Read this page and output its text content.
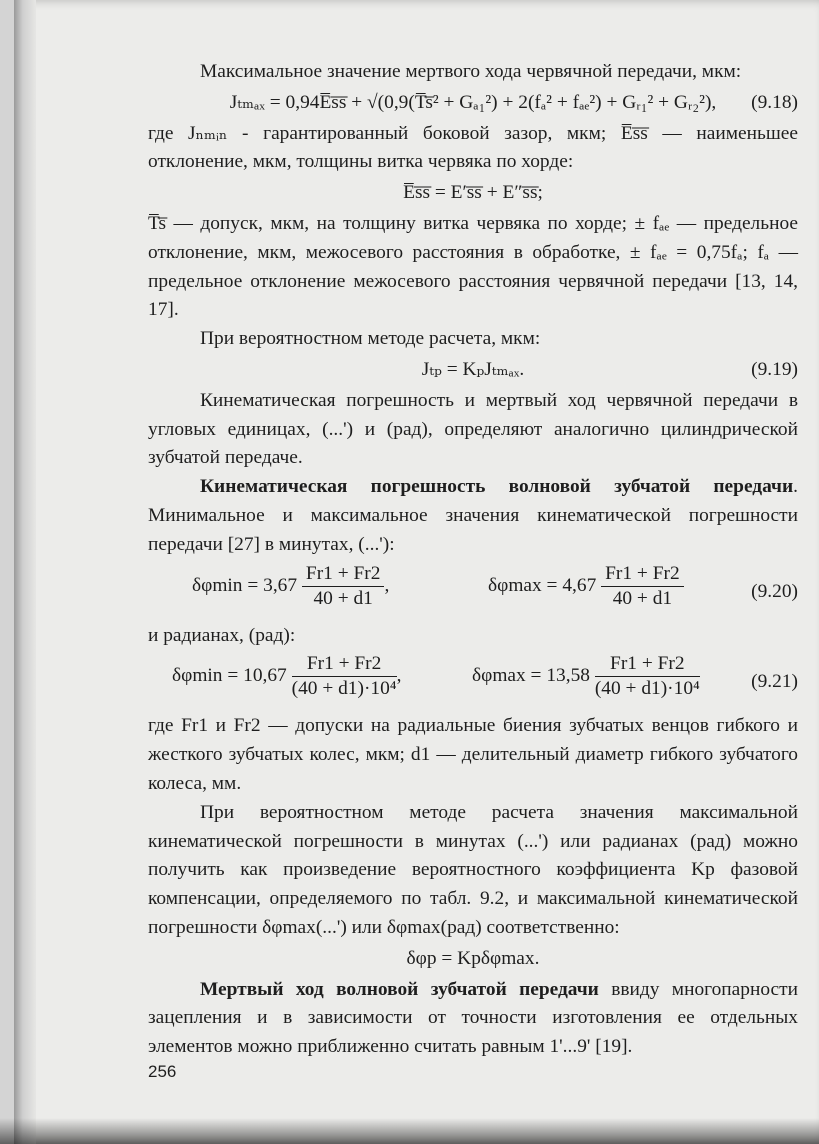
Максимальное значение мертвого хода червячной передачи, мкм:

Jₜₘₐₓ = 0,94E̅s̅s̅ + √(0,9(T̅s̅² + Gₐ₁²) + 2(fₐ² + fₐₑ²) + Gᵣ₁² + Gᵣ₂²), (9.18)

где Jₙₘᵢₙ - гарантированный боковой зазор, мкм; E̅s̅s̅ — наименьшее отклонение, мкм, толщины витка червяка по хорде:

E̅s̅s̅ = E′s̅s̅ + E″s̅s̅;

T̅s̅ — допуск, мкм, на толщину витка червяка по хорде; ± fₐₑ — предельное отклонение, мкм, межосевого расстояния в обработке, ± fₐₑ = 0,75fₐ; fₐ — предельное отклонение межосевого расстояния червячной передачи [13, 14, 17].

При вероятностном методе расчета, мкм:

Jₜₚ = KₚJₜₘₐₓ.	(9.19)

Кинематическая погрешность и мертвый ход червячной передачи в угловых единицах, (...') и (рад), определяют аналогично цилиндрической зубчатой передаче.

Кинематическая погрешность волновой зубчатой передачи. Минимальное и максимальное значения кинематической погрешности передачи [27] в минутах, (...'):

$\delta\varphi\min = 3,67 \frac{Fr1 + Fr2}{40 + d1}$ ,	$\delta\varphi\max = 4,67 \frac{Fr1 + Fr2}{40 + d1}$	(9.20)

и радианах, (рад):

$\delta\varphi\min = 10,67 \frac{Fr1 + Fr2}{\text{(40 + d1)·10⁴}}$ ,	$\delta\varphi\max = 13,58 \frac{Fr1 + Fr2}{\text{(40 + d1)·10⁴}}$	(9.21)

где Fr1 и Fr2 — допуски на радиальные биения зубчатых венцов гибкого и жесткого зубчатых колес, мкм; d1 — делительный диаметр гибкого зубчатого колеса, мм.

При вероятностном методе расчета значения максимальной кинематической погрешности в минутах (...') или радианах (рад) можно получить как произведение вероятностного коэффициента Kр фазовой компенсации, определяемого по табл. 9.2, и максимальной кинематической погрешности δφmax(...') или δφmax(рад) соответственно:

δφр = Kрδφmax.

Мертвый ход волновой зубчатой передачи ввиду многопарности зацепления и в зависимости от точности изготовления ее отдельных элементов можно приближенно считать равным 1'...9' [19].

256
